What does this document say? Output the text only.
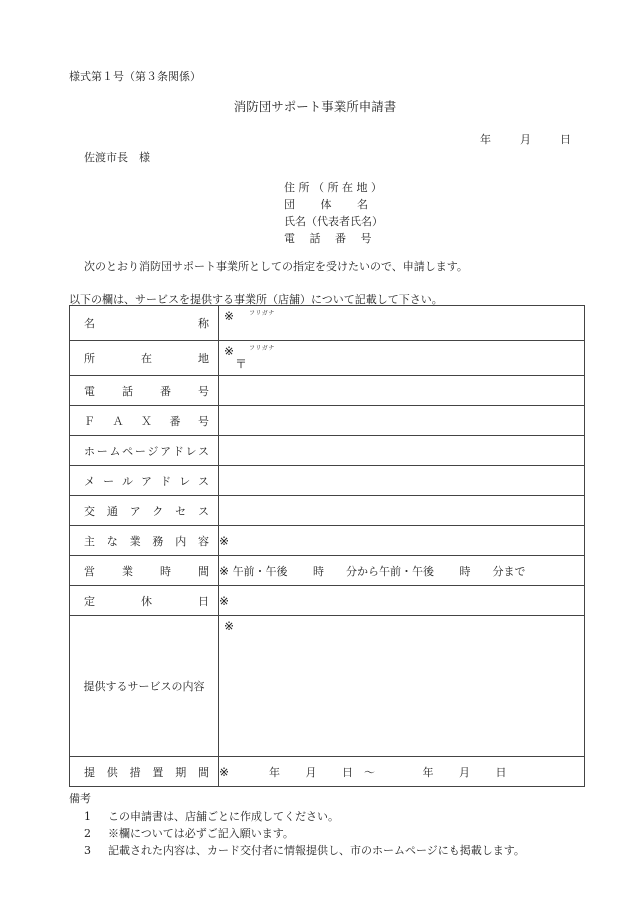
様式第１号（第３条関係）
消防団サポート事業所申請書
年	月	日
佐渡市長　様
住 所 （ 所 在 地 ）
団　　 体　　 名
氏名（代表者氏名）
電　 話　 番　 号
次のとおり消防団サポート事業所としての指定を受けたいので、申請します。
以下の欄は、サービスを提供する事業所（店舗）について記載して下さい。
名　　　　　称	※ フリガナ

所　　在　　地	※ フリガナ
〒

電　話　番　号	

Ｆ Ａ Ｘ 番 号	

ホームページアドレス	

メールアドレス	

交通アクセス	

主な業務内容	※

営　業　時　間	※ 午前・午後　　 時　　分から午前・午後　　 時　　分まで

定　　休　　日	※

提供するサービスの内容	※

提供措置期間	※ 　　　 年　　 月　　 日　～　　　　 年　　 月　　 日
備考
1 この申請書は、店舗ごとに作成してください。
2 ※欄については必ずご記入願います。
3 記載された内容は、カード交付者に情報提供し、市のホームページにも掲載します。
